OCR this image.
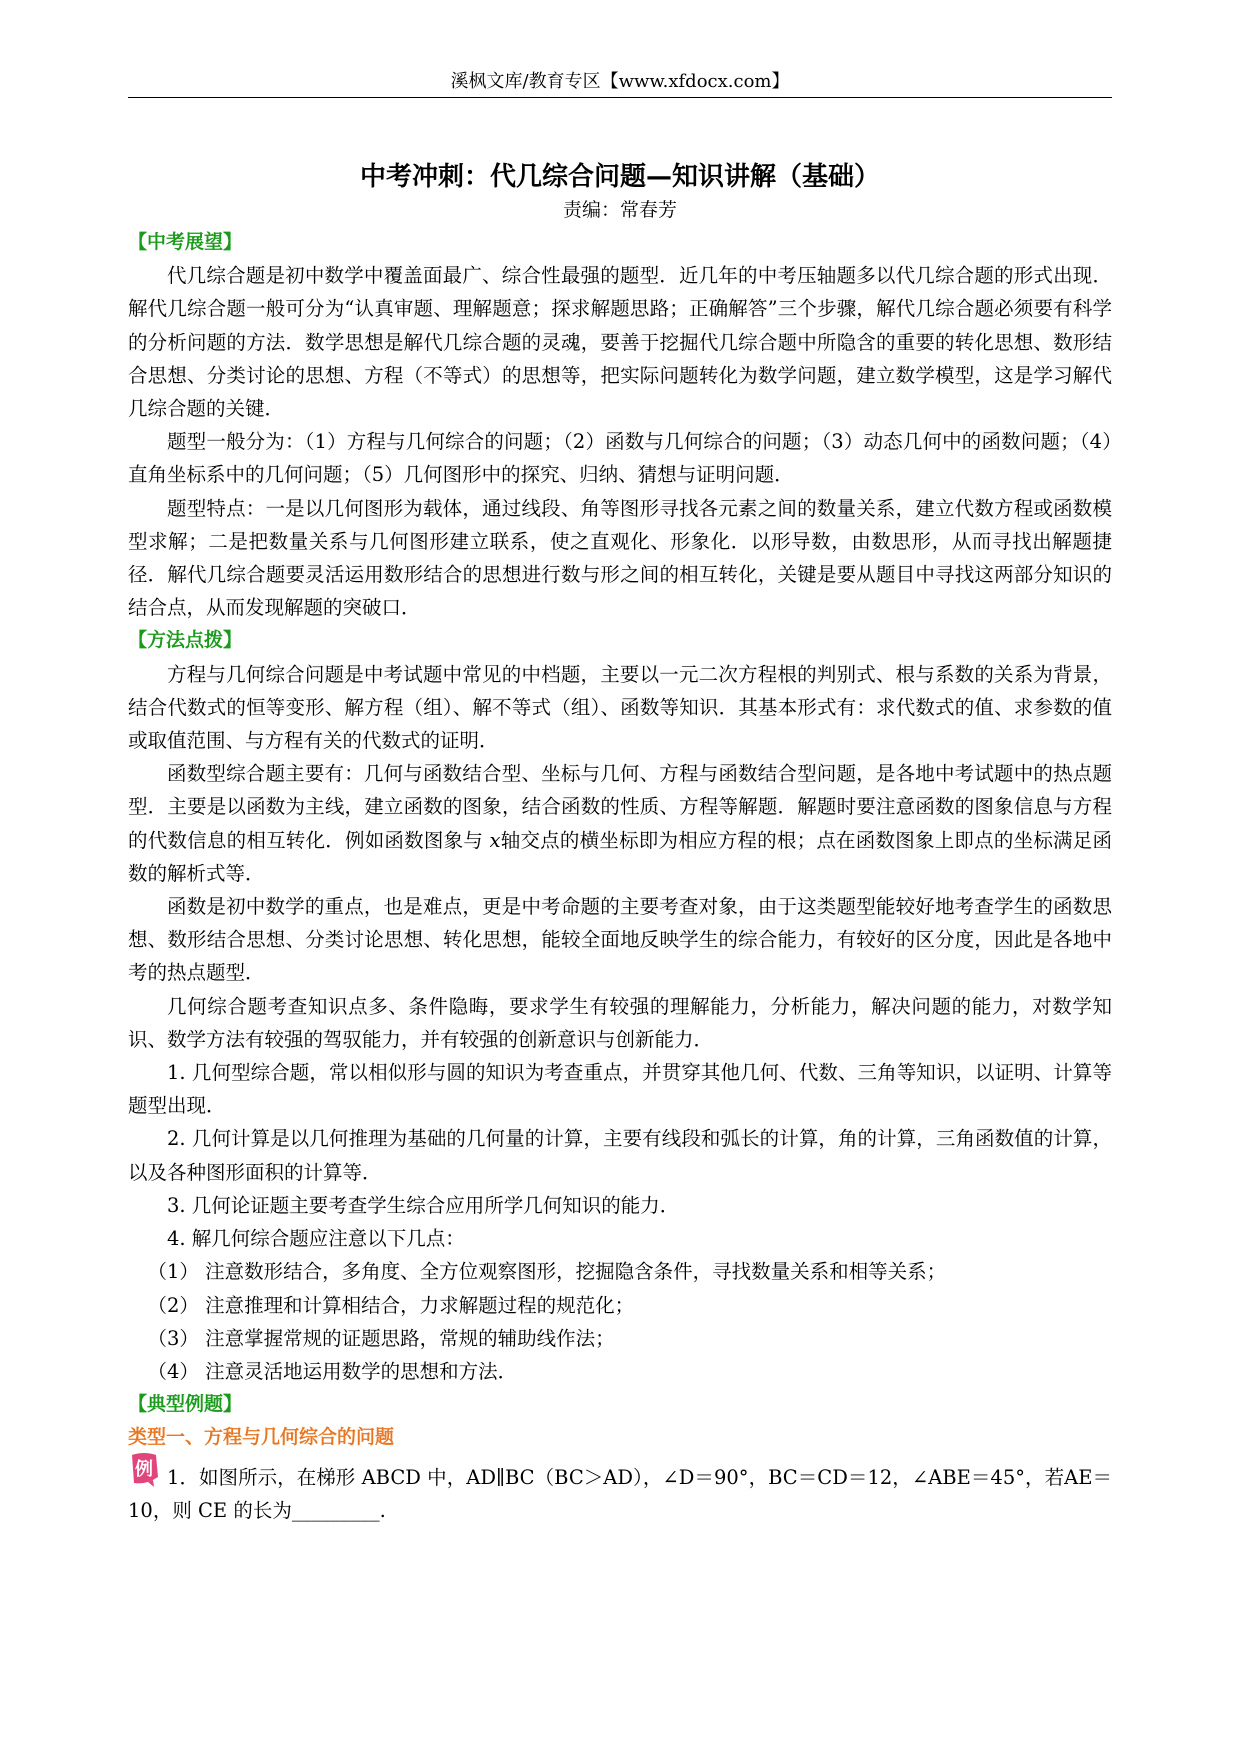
溪枫文库/教育专区【www.xfdocx.com】
中考冲刺：代几综合问题—知识讲解（基础）
责编：常春芳
【中考展望】

代几综合题是初中数学中覆盖面最广、综合性最强的题型．近几年的中考压轴题多以代几综合题的形式出现．解代几综合题一般可分为“认真审题、理解题意；探求解题思路；正确解答”三个步骤，解代几综合题必须要有科学的分析问题的方法．数学思想是解代几综合题的灵魂，要善于挖掘代几综合题中所隐含的重要的转化思想、数形结合思想、分类讨论的思想、方程（不等式）的思想等，把实际问题转化为数学问题，建立数学模型，这是学习解代几综合题的关键．

题型一般分为：（1）方程与几何综合的问题；（2）函数与几何综合的问题；（3）动态几何中的函数问题；（4）直角坐标系中的几何问题；（5）几何图形中的探究、归纳、猜想与证明问题．

题型特点：一是以几何图形为载体，通过线段、角等图形寻找各元素之间的数量关系，建立代数方程或函数模型求解；二是把数量关系与几何图形建立联系，使之直观化、形象化．以形导数，由数思形，从而寻找出解题捷径．解代几综合题要灵活运用数形结合的思想进行数与形之间的相互转化，关键是要从题目中寻找这两部分知识的结合点，从而发现解题的突破口．

【方法点拨】

方程与几何综合问题是中考试题中常见的中档题，主要以一元二次方程根的判别式、根与系数的关系为背景，结合代数式的恒等变形、解方程（组）、解不等式（组）、函数等知识．其基本形式有：求代数式的值、求参数的值或取值范围、与方程有关的代数式的证明．

函数型综合题主要有：几何与函数结合型、坐标与几何、方程与函数结合型问题，是各地中考试题中的热点题型．主要是以函数为主线，建立函数的图象，结合函数的性质、方程等解题．解题时要注意函数的图象信息与方程的代数信息的相互转化．例如函数图象与 x轴交点的横坐标即为相应方程的根；点在函数图象上即点的坐标满足函数的解析式等．

函数是初中数学的重点，也是难点，更是中考命题的主要考查对象，由于这类题型能较好地考查学生的函数思想、数形结合思想、分类讨论思想、转化思想，能较全面地反映学生的综合能力，有较好的区分度，因此是各地中考的热点题型．

几何综合题考查知识点多、条件隐晦，要求学生有较强的理解能力，分析能力，解决问题的能力，对数学知识、数学方法有较强的驾驭能力，并有较强的创新意识与创新能力．

1. 几何型综合题，常以相似形与圆的知识为考查重点，并贯穿其他几何、代数、三角等知识，以证明、计算等题型出现．

2. 几何计算是以几何推理为基础的几何量的计算，主要有线段和弧长的计算，角的计算，三角函数值的计算，以及各种图形面积的计算等．

3. 几何论证题主要考查学生综合应用所学几何知识的能力．

4. 解几何综合题应注意以下几点：

（1） 注意数形结合，多角度、全方位观察图形，挖掘隐含条件，寻找数量关系和相等关系；

（2） 注意推理和计算相结合，力求解题过程的规范化；

（3） 注意掌握常规的证题思路，常规的辅助线作法；

（4） 注意灵活地运用数学的思想和方法．

【典型例题】
类型一、方程与几何综合的问题
例 1．如图所示，在梯形 ABCD 中，AD∥BC（BC＞AD），∠D＝90°，BC＝CD＝12，∠ABE＝45°，若AE＝10，则 CE 的长为_________.
